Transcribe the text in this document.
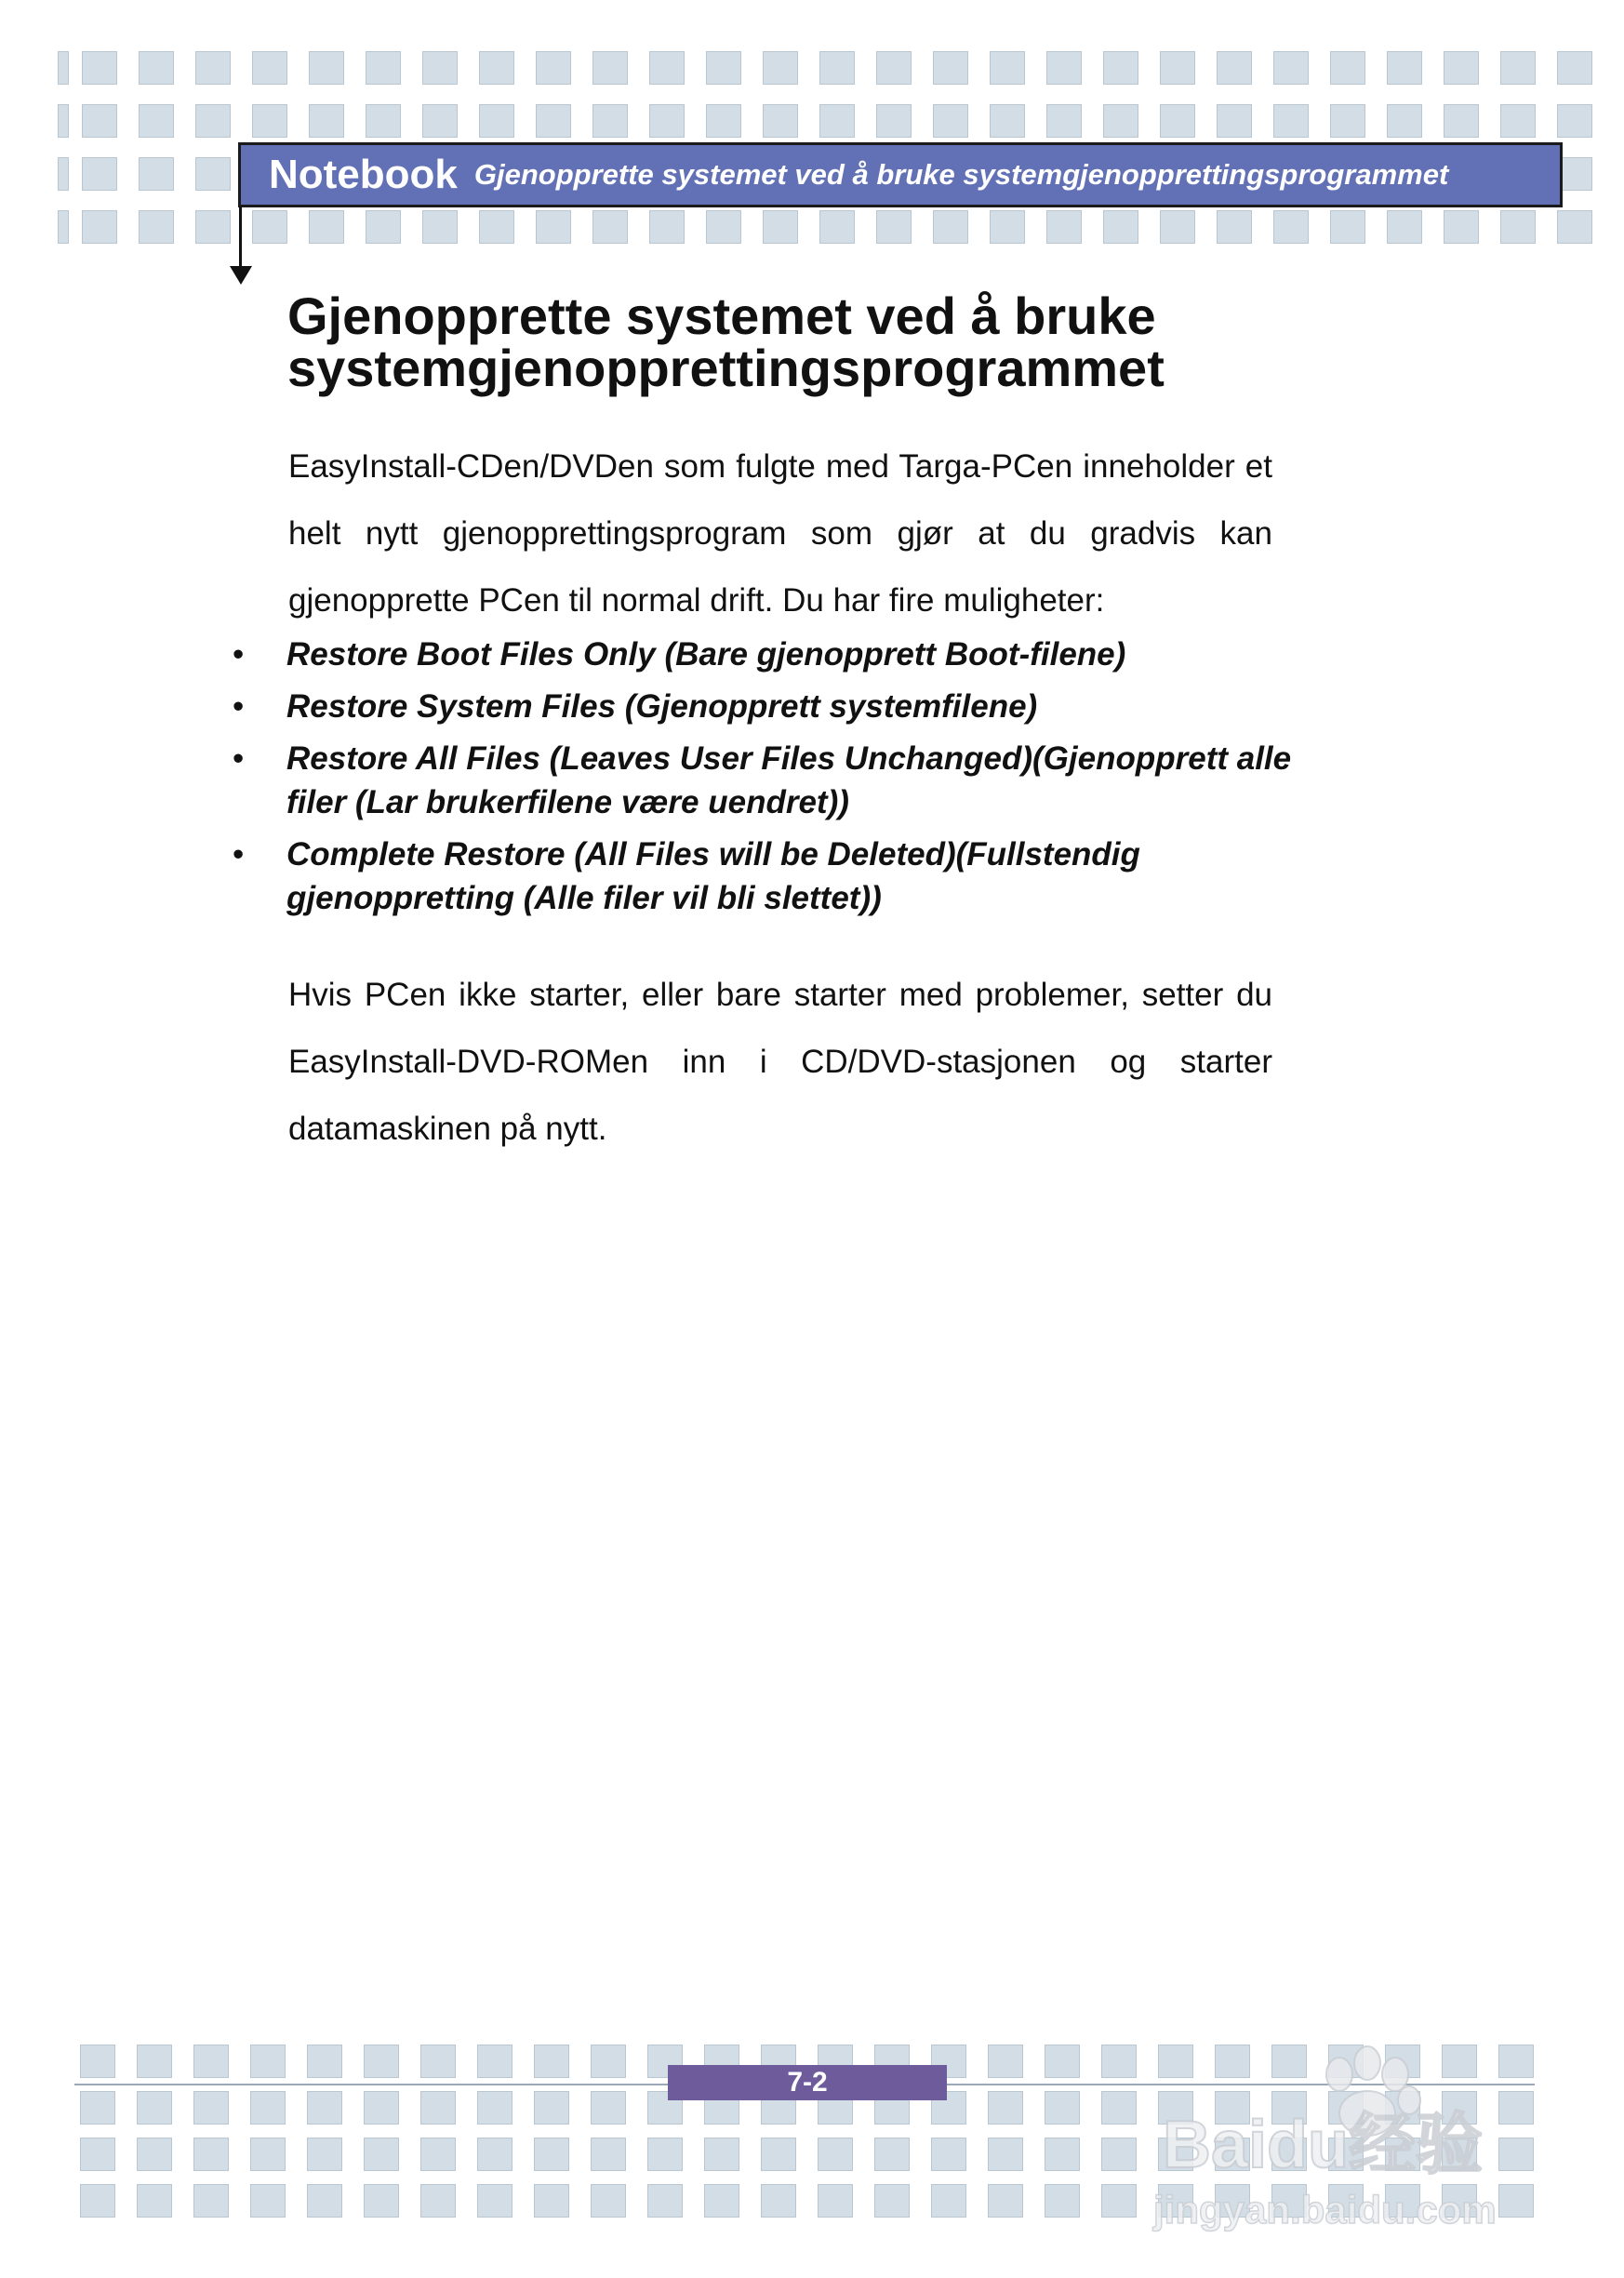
Notebook Gjenopprette systemet ved å bruke systemgjenopprettingsprogrammet
Gjenopprette systemet ved å bruke
systemgjenopprettingsprogrammet

EasyInstall-CDen/DVDen som fulgte med Targa-PCen inneholder et helt nytt gjenopprettingsprogram som gjør at du gradvis kan gjenopprette PCen til normal drift. Du har fire muligheter:

• Restore Boot Files Only (Bare gjenopprett Boot-filene)
• Restore System Files (Gjenopprett systemfilene)
• Restore All Files (Leaves User Files Unchanged)(Gjenopprett alle
filer (Lar brukerfilene være uendret))
• Complete Restore (All Files will be Deleted)(Fullstendig
gjenoppretting (Alle filer vil bli slettet))

Hvis PCen ikke starter, eller bare starter med problemer, setter du EasyInstall-DVD-ROMen inn i CD/DVD-stasjonen og starter datamaskinen på nytt.

7-2
Baidu经验
jingyan.baidu.com
